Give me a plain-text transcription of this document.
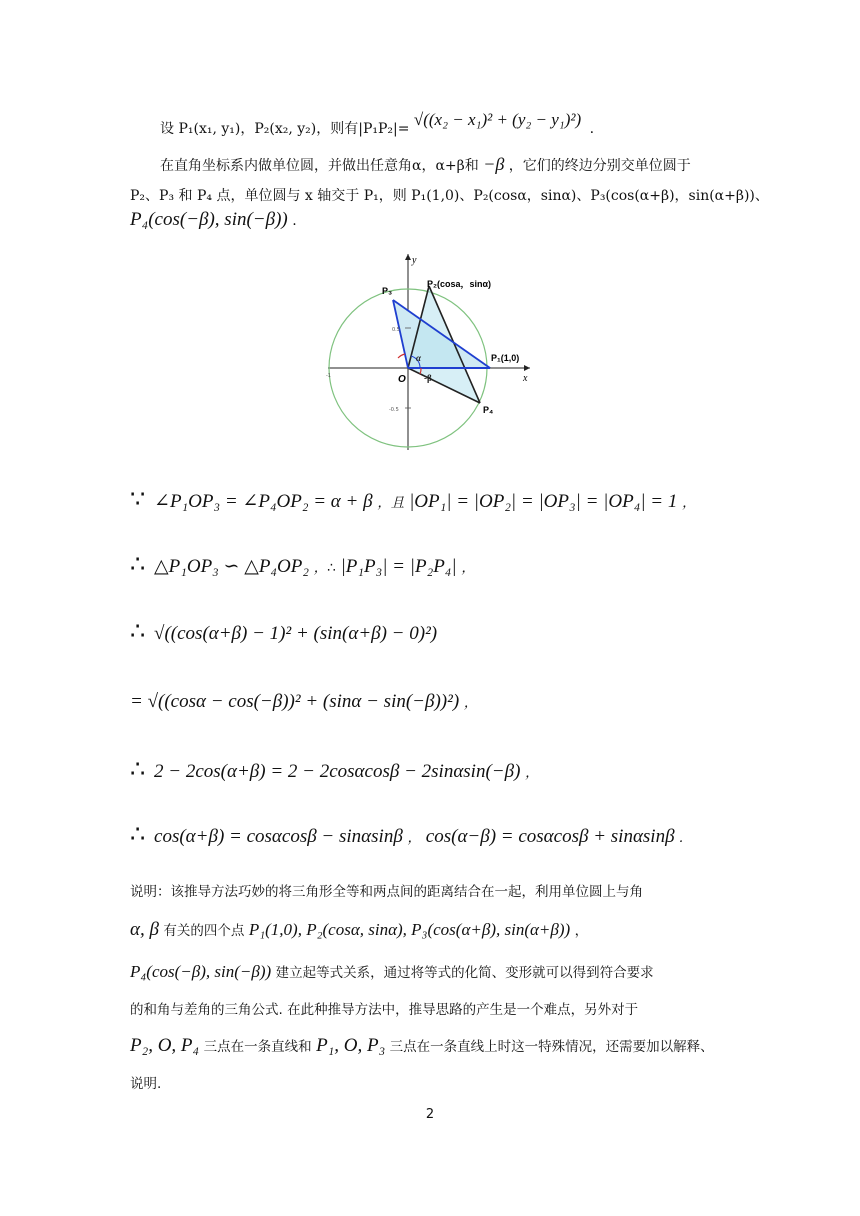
设 P₁(x₁, y₁)，P₂(x₂, y₂)，则有|P₁P₂|= √((x₂ − x₁)² + (y₂ − y₁)²) .
在直角坐标系内做单位圆，并做出任意角α，α+β和 −β ，它们的终边分别交单位圆于
P₂、P₃ 和 P₄ 点，单位圆与 x 轴交于 P₁，则 P₁(1,0)、P₂(cosα，sinα)、P₃(cos(α+β)，sin(α+β))、
P₄(cos(−β), sin(−β)) .
y
x
O
P₁(1,0)
P₂(cosa，sinα)
P₃
P₄
α
-β
0.5
-0.5
-1
∵ ∠P₁OP₃ = ∠P₄OP₂ = α + β ，且 |OP₁| = |OP₂| = |OP₃| = |OP₄| = 1 ，
∴ △P₁OP₃ ∽ △P₄OP₂ ，∴ |P₁P₃| = |P₂P₄| ，
∴ √((cos(α+β) − 1)² + (sin(α+β) − 0)²)
= √((cosα − cos(−β))² + (sinα − sin(−β))²) ，
∴ 2 − 2cos(α+β) = 2 − 2cosαcosβ − 2sinαsin(−β) ，
∴ cos(α+β) = cosαcosβ − sinαsinβ ， cos(α−β) = cosαcosβ + sinαsinβ .
说明：该推导方法巧妙的将三角形全等和两点间的距离结合在一起，利用单位圆上与角
α, β 有关的四个点 P₁(1,0), P₂(cosα, sinα), P₃(cos(α+β), sin(α+β)) ，
P₄(cos(−β), sin(−β)) 建立起等式关系，通过将等式的化简、变形就可以得到符合要求
的和角与差角的三角公式. 在此种推导方法中，推导思路的产生是一个难点，另外对于
P₂, O, P₄ 三点在一条直线和 P₁, O, P₃ 三点在一条直线上时这一特殊情况，还需要加以解释、
说明.
2
